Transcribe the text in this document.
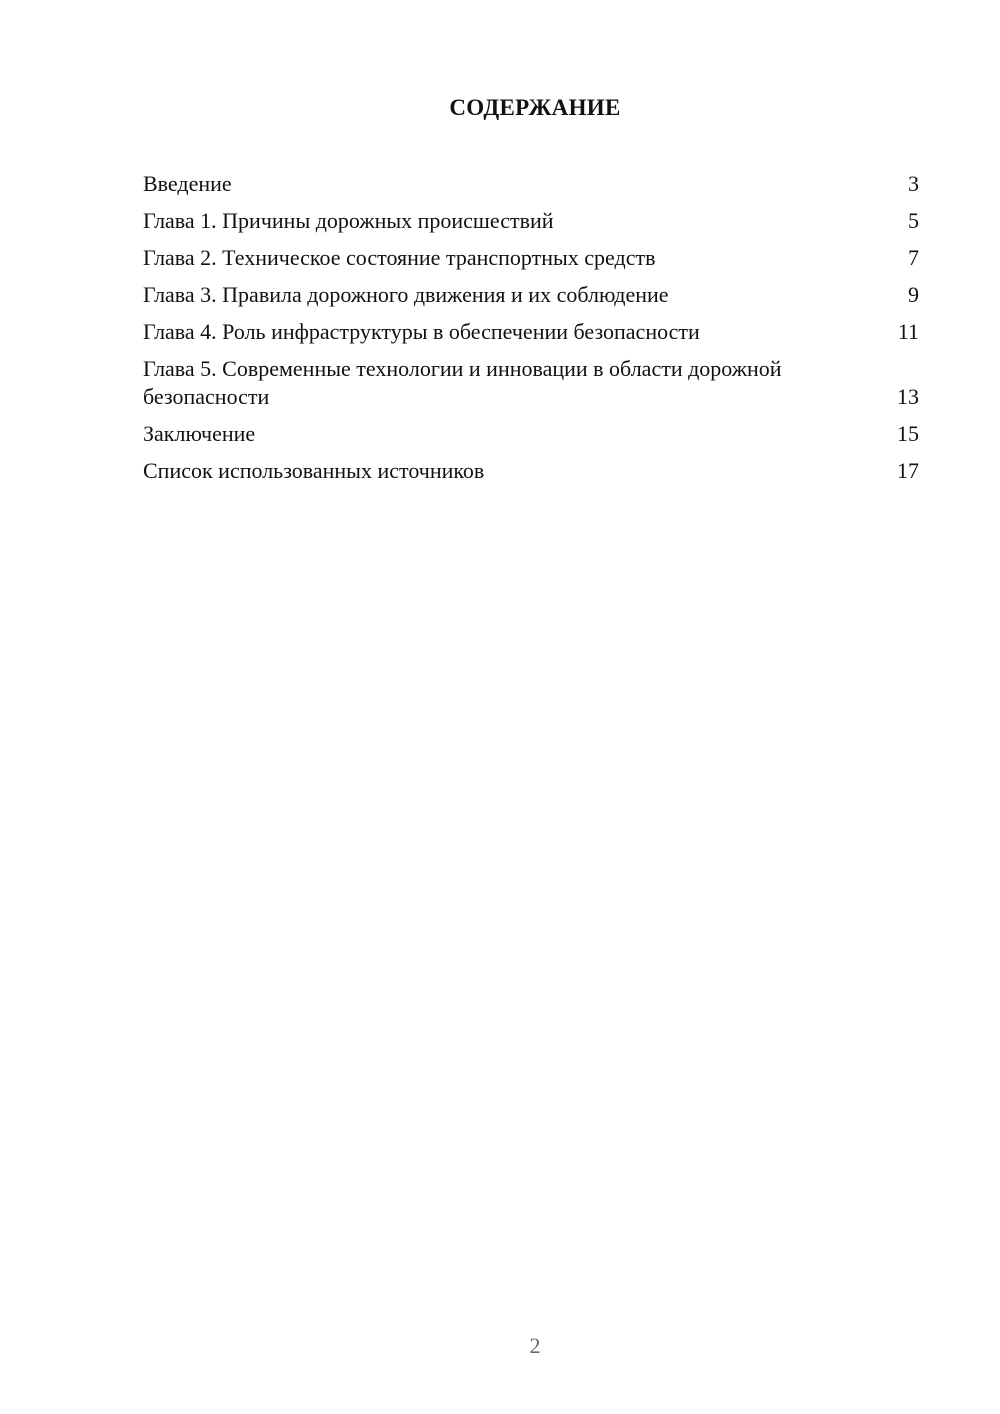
СОДЕРЖАНИЕ
Введение	3
Глава 1. Причины дорожных происшествий	5
Глава 2. Техническое состояние транспортных средств	7
Глава 3. Правила дорожного движения и их соблюдение	9
Глава 4. Роль инфраструктуры в обеспечении безопасности	11
Глава 5. Современные технологии и инновации в области дорожной безопасности	13
Заключение	15
Список использованных источников	17
2
